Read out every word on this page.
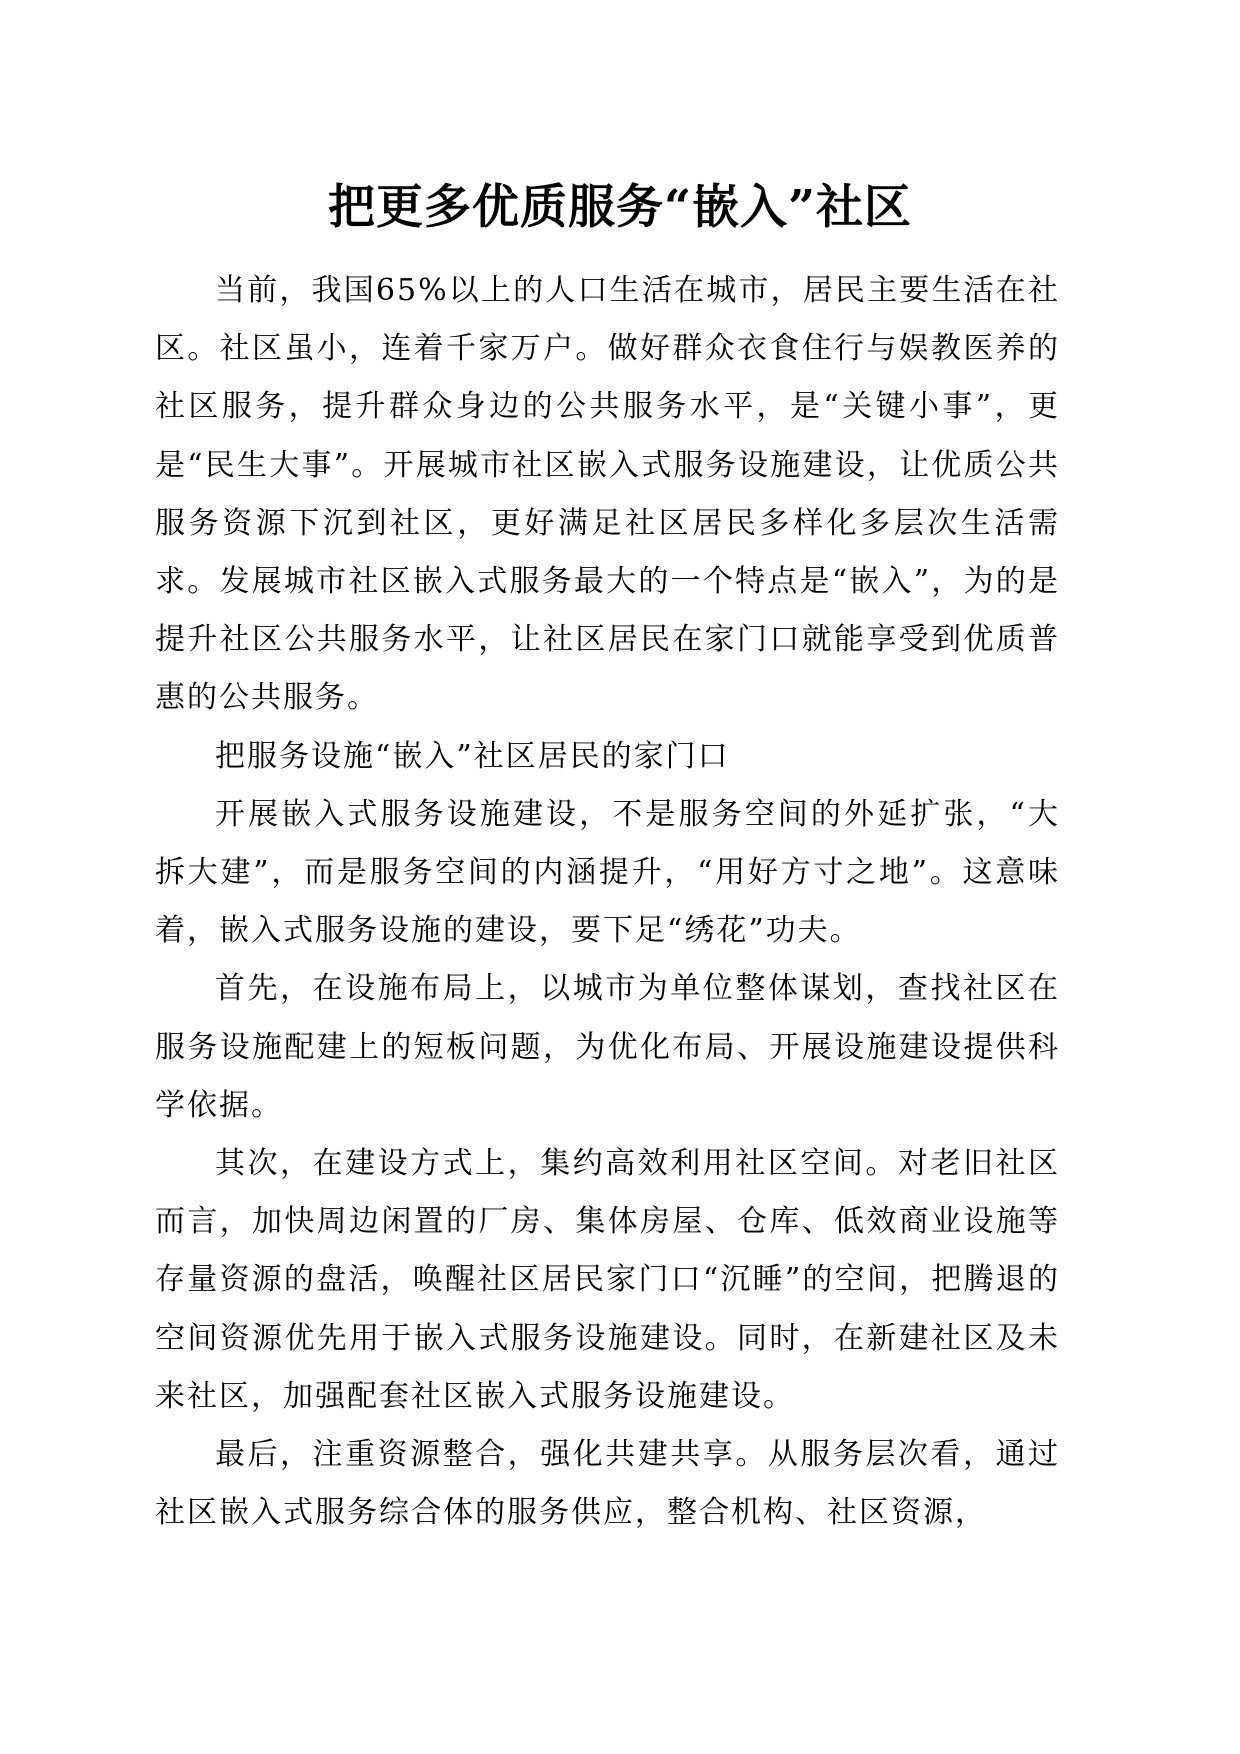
把更多优质服务“嵌入”社区

当前，我国65%以上的人口生活在城市，居民主要生活在社区。社区虽小，连着千家万户。做好群众衣食住行与娱教医养的社区服务，提升群众身边的公共服务水平，是“关键小事”，更是“民生大事”。开展城市社区嵌入式服务设施建设，让优质公共服务资源下沉到社区，更好满足社区居民多样化多层次生活需求。发展城市社区嵌入式服务最大的一个特点是“嵌入”，为的是提升社区公共服务水平，让社区居民在家门口就能享受到优质普惠的公共服务。

把服务设施“嵌入”社区居民的家门口

开展嵌入式服务设施建设，不是服务空间的外延扩张，“大拆大建”，而是服务空间的内涵提升，“用好方寸之地”。这意味着，嵌入式服务设施的建设，要下足“绣花”功夫。

首先，在设施布局上，以城市为单位整体谋划，查找社区在服务设施配建上的短板问题，为优化布局、开展设施建设提供科学依据。

其次，在建设方式上，集约高效利用社区空间。对老旧社区而言，加快周边闲置的厂房、集体房屋、仓库、低效商业设施等存量资源的盘活，唤醒社区居民家门口“沉睡”的空间，把腾退的空间资源优先用于嵌入式服务设施建设。同时，在新建社区及未来社区，加强配套社区嵌入式服务设施建设。

最后，注重资源整合，强化共建共享。从服务层次看，通过社区嵌入式服务综合体的服务供应，整合机构、社区资源，
